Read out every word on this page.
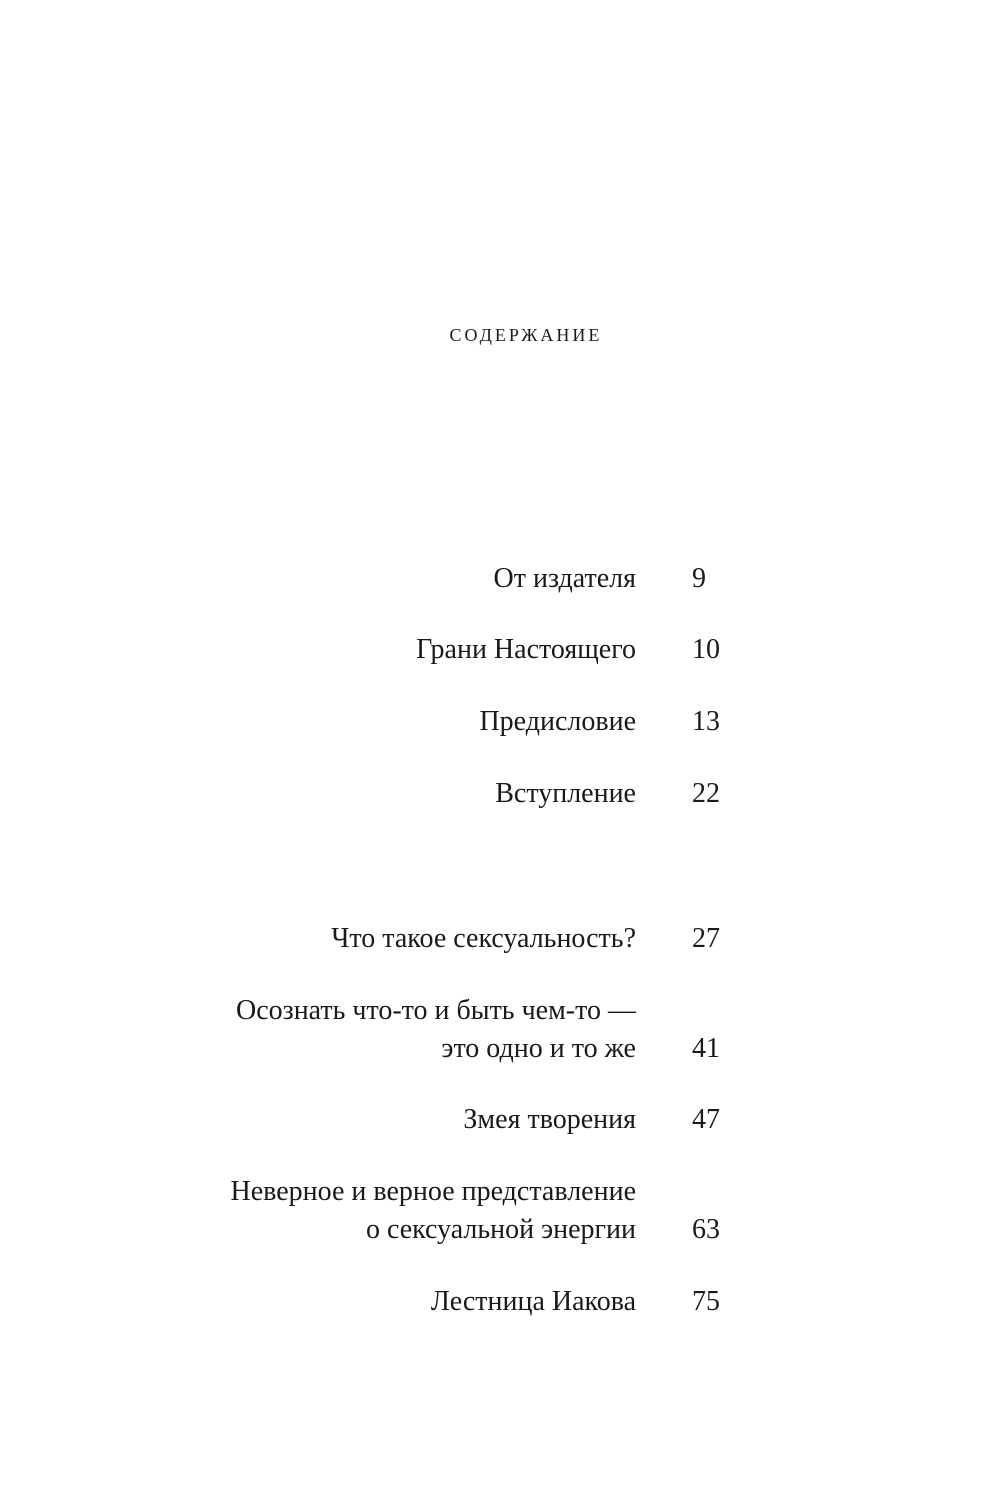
содержание
От издателя 9
Грани Настоящего 10
Предисловие 13
Вступление 22
Что такое сексуальность? 27
Осознать что-то и быть чем-то —
это одно и то же 41
Змея творения 47
Неверное и верное представление
о сексуальной энергии 63
Лестница Иакова 75
